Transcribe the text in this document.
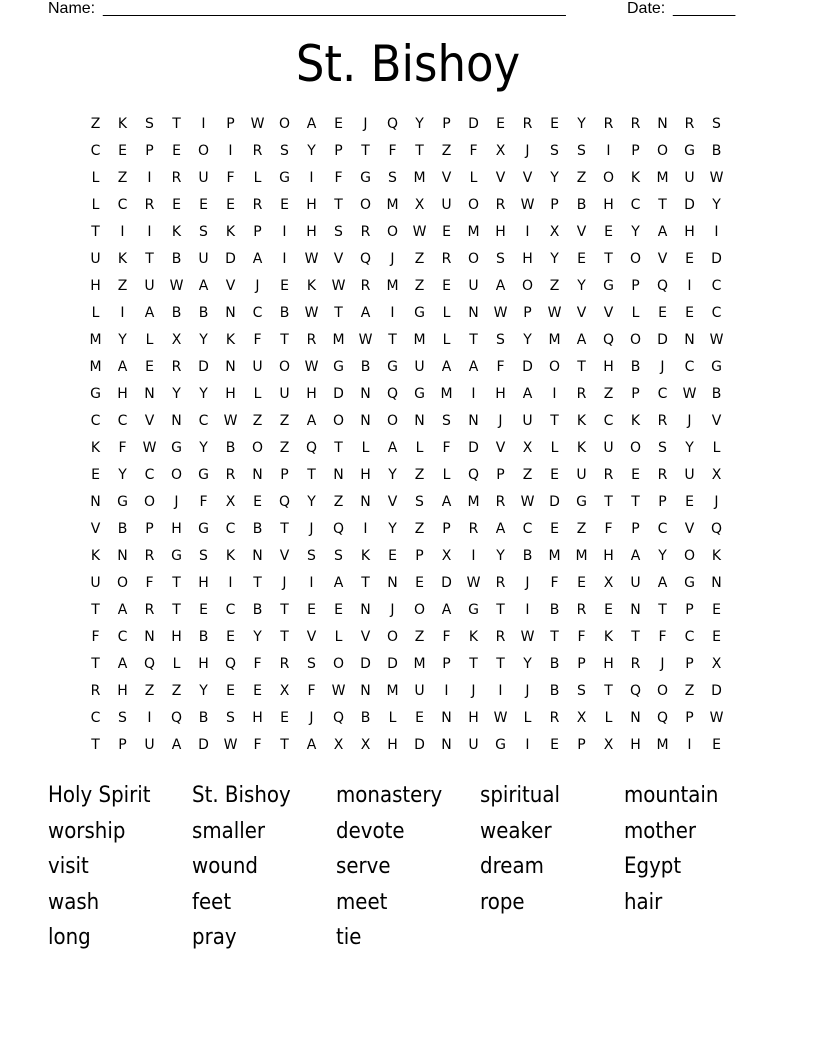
Name: ____________________________________________________	Date: _______
St. Bishoy
Z	K	S	T	I	P	W	O	A	E	J	Q	Y	P	D	E	R	E	Y	R	R	N	R	S
C	E	P	E	O	I	R	S	Y	P	T	F	T	Z	F	X	J	S	S	I	P	O	G	B
L	Z	I	R	U	F	L	G	I	F	G	S	M	V	L	V	V	Y	Z	O	K	M	U	W
L	C	R	E	E	E	R	E	H	T	O	M	X	U	O	R	W	P	B	H	C	T	D	Y
T	I	I	K	S	K	P	I	H	S	R	O	W	E	M	H	I	X	V	E	Y	A	H	I
U	K	T	B	U	D	A	I	W	V	Q	J	Z	R	O	S	H	Y	E	T	O	V	E	D
H	Z	U	W	A	V	J	E	K	W	R	M	Z	E	U	A	O	Z	Y	G	P	Q	I	C
L	I	A	B	B	N	C	B	W	T	A	I	G	L	N	W	P	W	V	V	L	E	E	C
M	Y	L	X	Y	K	F	T	R	M	W	T	M	L	T	S	Y	M	A	Q	O	D	N	W
M	A	E	R	D	N	U	O	W	G	B	G	U	A	A	F	D	O	T	H	B	J	C	G
G	H	N	Y	Y	H	L	U	H	D	N	Q	G	M	I	H	A	I	R	Z	P	C	W	B
C	C	V	N	C	W	Z	Z	A	O	N	O	N	S	N	J	U	T	K	C	K	R	J	V
K	F	W	G	Y	B	O	Z	Q	T	L	A	L	F	D	V	X	L	K	U	O	S	Y	L
E	Y	C	O	G	R	N	P	T	N	H	Y	Z	L	Q	P	Z	E	U	R	E	R	U	X
N	G	O	J	F	X	E	Q	Y	Z	N	V	S	A	M	R	W	D	G	T	T	P	E	J
V	B	P	H	G	C	B	T	J	Q	I	Y	Z	P	R	A	C	E	Z	F	P	C	V	Q
K	N	R	G	S	K	N	V	S	S	K	E	P	X	I	Y	B	M	M	H	A	Y	O	K
U	O	F	T	H	I	T	J	I	A	T	N	E	D	W	R	J	F	E	X	U	A	G	N
T	A	R	T	E	C	B	T	E	E	N	J	O	A	G	T	I	B	R	E	N	T	P	E
F	C	N	H	B	E	Y	T	V	L	V	O	Z	F	K	R	W	T	F	K	T	F	C	E
T	A	Q	L	H	Q	F	R	S	O	D	D	M	P	T	T	Y	B	P	H	R	J	P	X
R	H	Z	Z	Y	E	E	X	F	W	N	M	U	I	J	I	J	B	S	T	Q	O	Z	D
C	S	I	Q	B	S	H	E	J	Q	B	L	E	N	H	W	L	R	X	L	N	Q	P	W
T	P	U	A	D	W	F	T	A	X	X	H	D	N	U	G	I	E	P	X	H	M	I	E
Holy Spirit	St. Bishoy	monastery	spiritual	mountain
worship	smaller	devote	weaker	mother
visit	wound	serve	dream	Egypt
wash	feet	meet	rope	hair
long	pray	tie
